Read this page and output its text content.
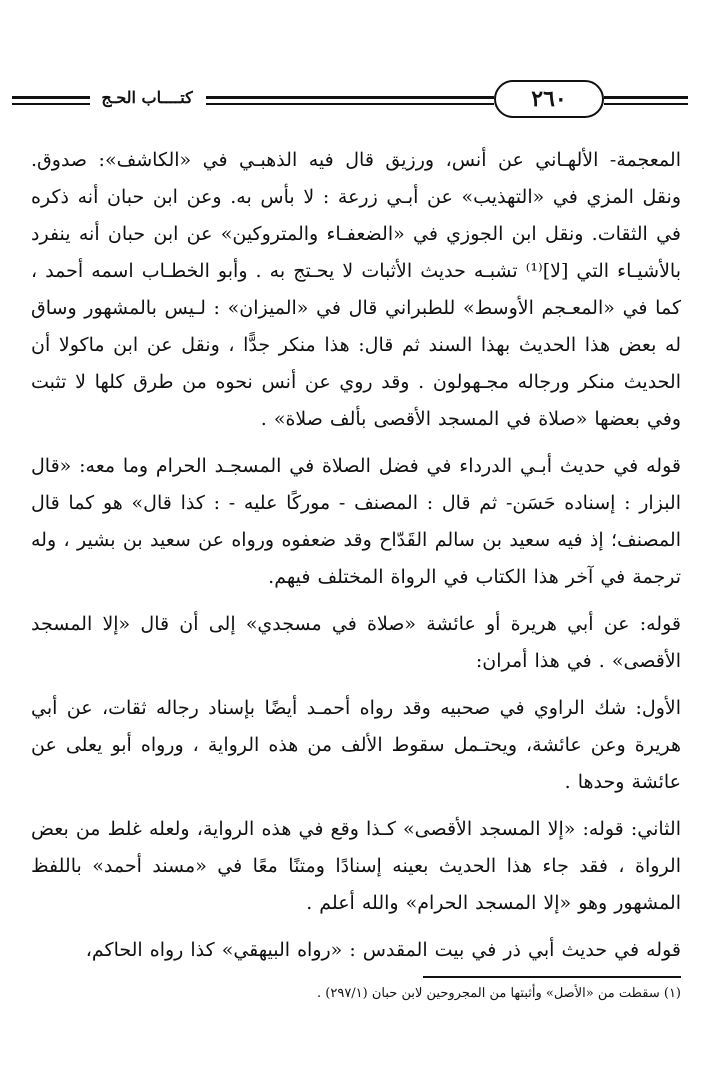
٢٦٠
كتــــاب الحـج

المعجمة- الألهـاني عن أنس، ورزيق قال فيه الذهبـي في «الكاشف»: صدوق. ونقل المزي في «التهذيب» عن أبـي زرعة : لا بأس به. وعن ابن حبان أنه ذكره في الثقات. ونقل ابن الجوزي في «الضعفـاء والمتروكين» عن ابن حبان أنه ينفرد بالأشيـاء التي [لا]⁽¹⁾ تشبـه حديث الأثبات لا يحـتج به . وأبو الخطـاب اسمه أحمد ، كما في «المعـجم الأوسط» للطبراني قال في «الميزان» : لـيس بالمشهور وساق له بعض هذا الحديث بهذا السند ثم قال: هذا منكر جدًّا ، ونقل عن ابن ماكولا أن الحديث منكر ورجاله مجـهولون . وقد روي عن أنس نحوه من طرق كلها لا تثبت وفي بعضها «صلاة في المسجد الأقصى بألف صلاة» .

قوله في حديث أبـي الدرداء في فضل الصلاة في المسجـد الحرام وما معه: «قال البزار : إسناده حَسَن- ثم قال : المصنف - موركًا عليه - : كذا قال» هو كما قال المصنف؛ إذ فيه سعيد بن سالم القَدّاح وقد ضعفوه ورواه عن سعيد بن بشير ، وله ترجمة في آخر هذا الكتاب في الرواة المختلف فيهم.

قوله: عن أبي هريرة أو عائشة «صلاة في مسجدي» إلى أن قال «إلا المسجد الأقصى» . في هذا أمران:

الأول: شك الراوي في صحبيه وقد رواه أحمـد أيضًا بإسناد رجاله ثقات، عن أبي هريرة وعن عائشة، ويحتـمل سقوط الألف من هذه الرواية ، ورواه أبو يعلى عن عائشة وحدها .

الثاني: قوله: «إلا المسجد الأقصى» كـذا وقع في هذه الرواية، ولعله غلط من بعض الرواة ، فقد جاء هذا الحديث بعينه إسنادًا ومتنًا معًا في «مسند أحمد» باللفظ المشهور وهو «إلا المسجد الحرام» والله أعلم .

قوله في حديث أبي ذر في بيت المقدس : «رواه البيهقي» كذا رواه الحاكم،

(١) سقطت من «الأصل» وأثبتها من المجروحين لابن حبان (٢٩٧/١) .
